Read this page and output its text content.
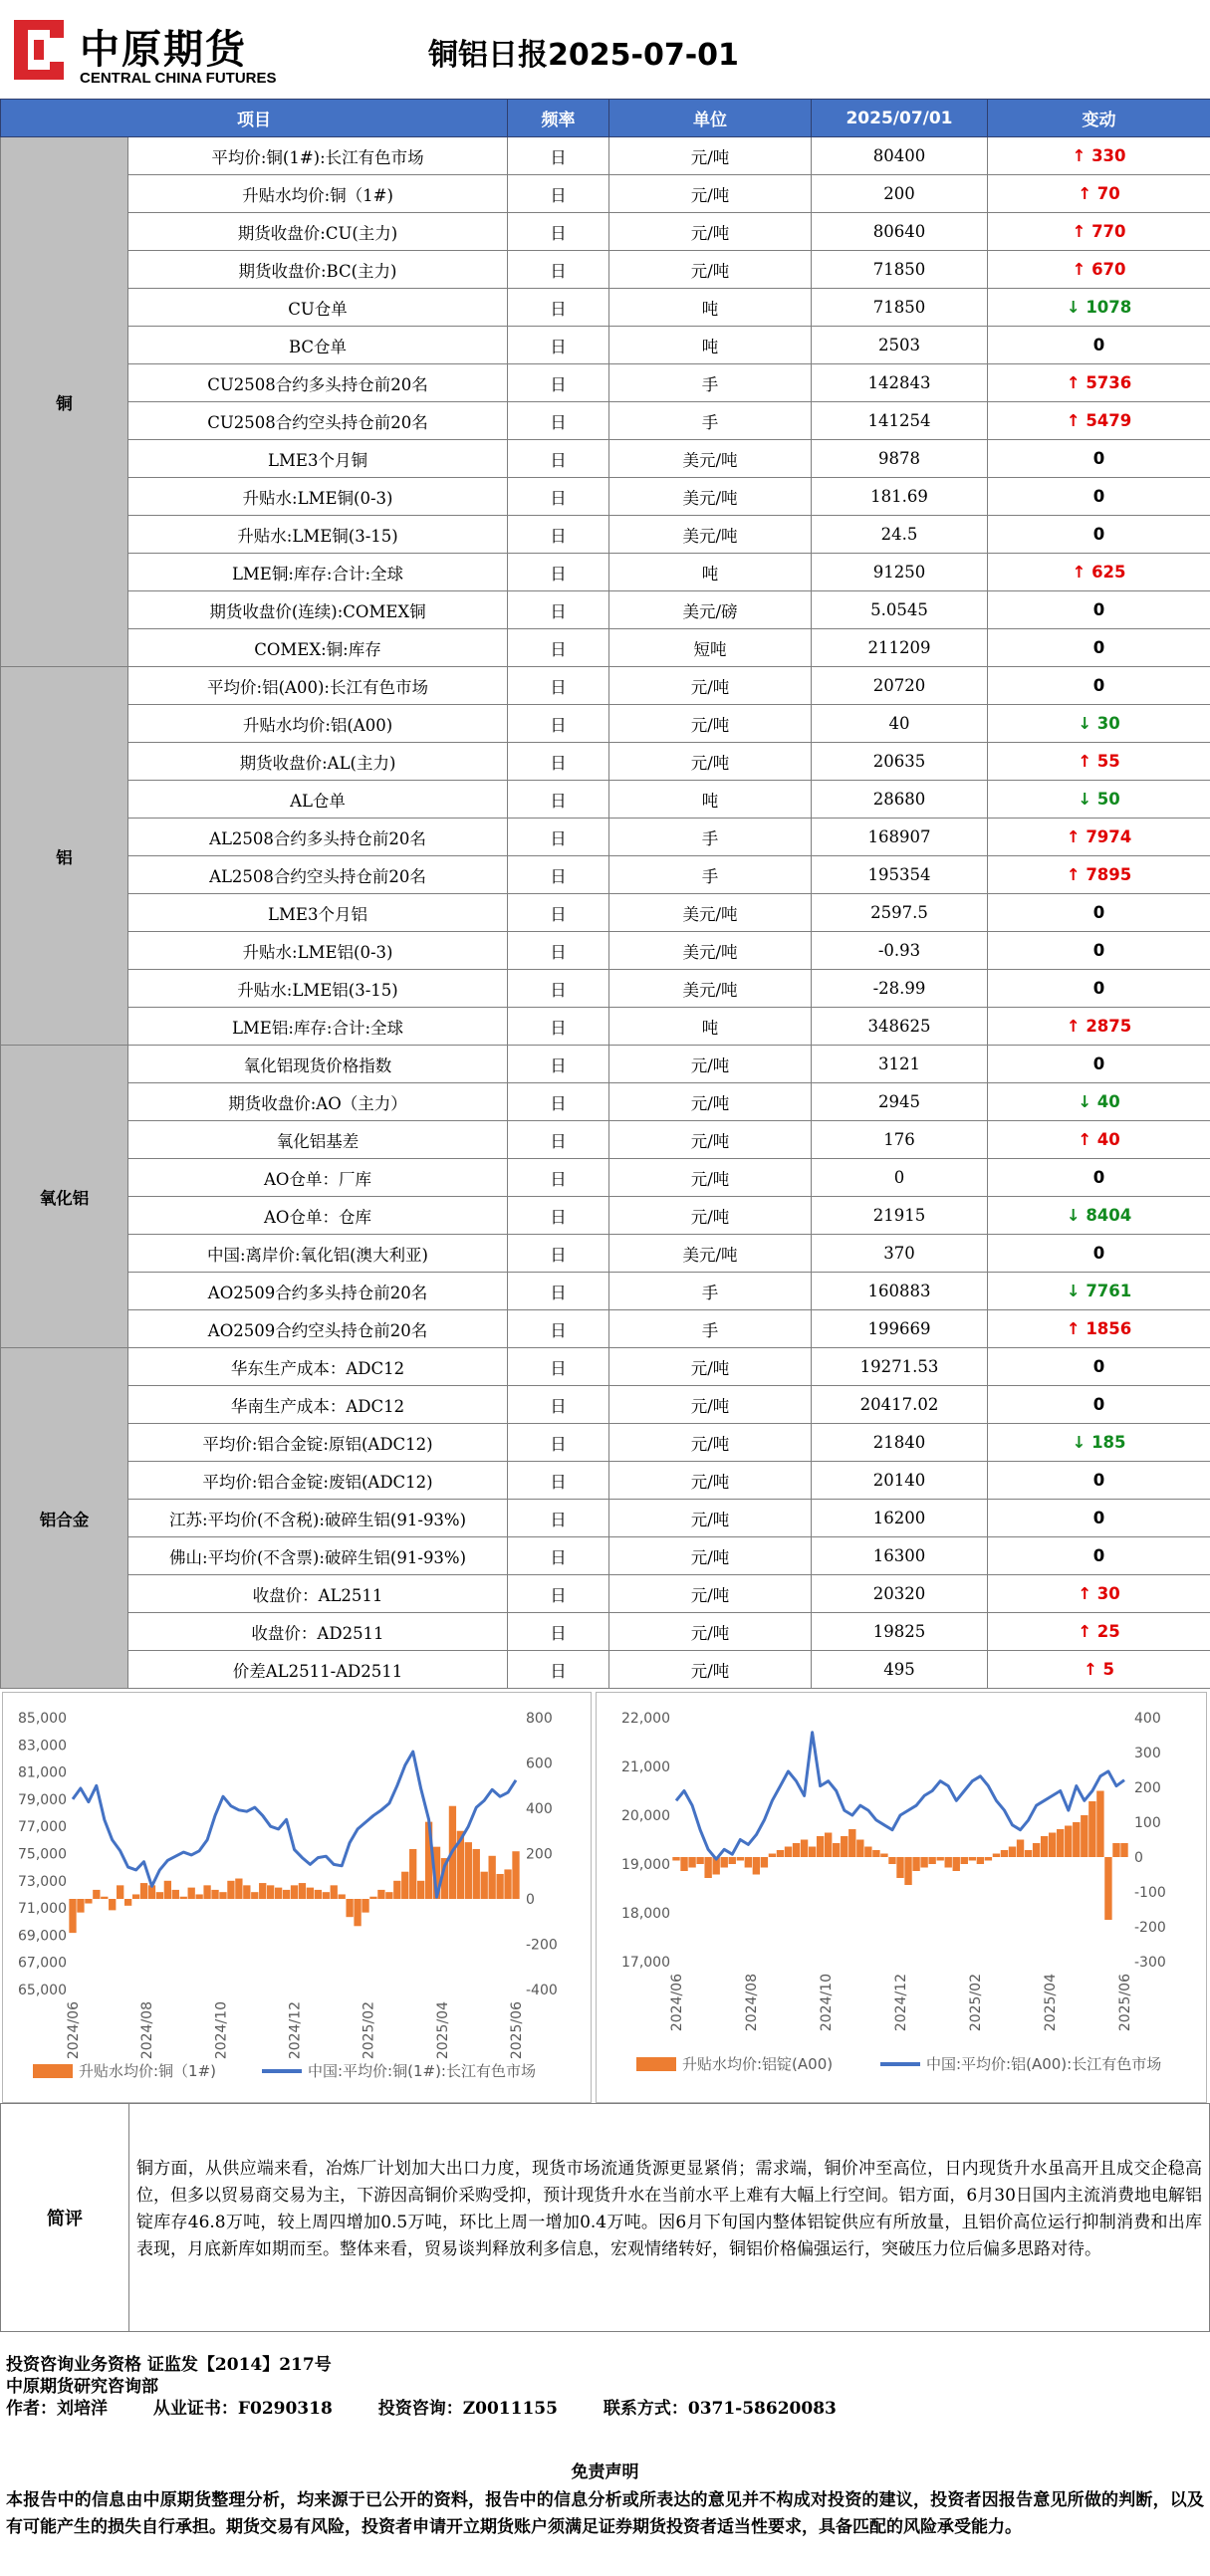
中原期货
CENTRAL CHINA FUTURES
铜铝日报2025-07-01
项目		频率	单位	2025/07/01	变动
铜	平均价:铜(1#):长江有色市场	日	元/吨	80400	↑ 330
	升贴水均价:铜（1#)	日	元/吨	200	↑ 70
	期货收盘价:CU(主力)	日	元/吨	80640	↑ 770
	期货收盘价:BC(主力)	日	元/吨	71850	↑ 670
	CU仓单	日	吨	71850	↓ 1078
	BC仓单	日	吨	2503	0
	CU2508合约多头持仓前20名	日	手	142843	↑ 5736
	CU2508合约空头持仓前20名	日	手	141254	↑ 5479
	LME3个月铜	日	美元/吨	9878	0
	升贴水:LME铜(0-3)	日	美元/吨	181.69	0
	升贴水:LME铜(3-15)	日	美元/吨	24.5	0
	LME铜:库存:合计:全球	日	吨	91250	↑ 625
	期货收盘价(连续):COMEX铜	日	美元/磅	5.0545	0
	COMEX:铜:库存	日	短吨	211209	0
铝	平均价:铝(A00):长江有色市场	日	元/吨	20720	0
	升贴水均价:铝(A00)	日	元/吨	40	↓ 30
	期货收盘价:AL(主力)	日	元/吨	20635	↑ 55
	AL仓单	日	吨	28680	↓ 50
	AL2508合约多头持仓前20名	日	手	168907	↑ 7974
	AL2508合约空头持仓前20名	日	手	195354	↑ 7895
	LME3个月铝	日	美元/吨	2597.5	0
	升贴水:LME铝(0-3)	日	美元/吨	-0.93	0
	升贴水:LME铝(3-15)	日	美元/吨	-28.99	0
	LME铝:库存:合计:全球	日	吨	348625	↑ 2875
氧化铝	氧化铝现货价格指数	日	元/吨	3121	0
	期货收盘价:AO（主力）	日	元/吨	2945	↓ 40
	氧化铝基差	日	元/吨	176	↑ 40
	AO仓单：厂库	日	元/吨	0	0
	AO仓单：仓库	日	元/吨	21915	↓ 8404
	中国:离岸价:氧化铝(澳大利亚)	日	美元/吨	370	0
	AO2509合约多头持仓前20名	日	手	160883	↓ 7761
	AO2509合约空头持仓前20名	日	手	199669	↑ 1856
铝合金	华东生产成本：ADC12	日	元/吨	19271.53	0
	华南生产成本：ADC12	日	元/吨	20417.02	0
	平均价:铝合金锭:原铝(ADC12)	日	元/吨	21840	↓ 185
	平均价:铝合金锭:废铝(ADC12)	日	元/吨	20140	0
	江苏:平均价(不含税):破碎生铝(91-93%)	日	元/吨	16200	0
	佛山:平均价(不含票):破碎生铝(91-93%)	日	元/吨	16300	0
	收盘价：AL2511	日	元/吨	20320	↑ 30
	收盘价：AD2511	日	元/吨	19825	↑ 25
	价差AL2511-AD2511	日	元/吨	495	↑ 5
85,000
83,000
81,000
79,000
77,000
75,000
73,000
71,000
69,000
67,000
65,000
800
600
400
200
0
-200
-400
2024/06	2024/08	2024/10	2024/12	2025/02	2025/04	2025/06
升贴水均价:铜（1#)	中国:平均价:铜(1#):长江有色市场
22,000
21,000
20,000
19,000
18,000
17,000
400
300
200
100
0
-100
-200
-300
2024/06	2024/08	2024/10	2024/12	2025/02	2025/04	2025/06
升贴水均价:铝锭(A00)	中国:平均价:铝(A00):长江有色市场
简评
铜方面，从供应端来看，冶炼厂计划加大出口力度，现货市场流通货源更显紧俏；需求端，铜价冲至高位，日内现货升水虽高开且成交企稳高位，但多以贸易商交易为主，下游因高铜价采购受抑，预计现货升水在当前水平上难有大幅上行空间。铝方面，6月30日国内主流消费地电解铝锭库存46.8万吨，较上周四增加0.5万吨，环比上周一增加0.4万吨。因6月下旬国内整体铝锭供应有所放量，且铝价高位运行抑制消费和出库表现，月底新库如期而至。整体来看，贸易谈判释放利多信息，宏观情绪转好，铜铝价格偏强运行，突破压力位后偏多思路对待。
投资咨询业务资格 证监发【2014】217号
中原期货研究咨询部
作者：刘培洋	从业证书：F0290318	投资咨询：Z0011155	联系方式：0371-58620083
免责声明
本报告中的信息由中原期货整理分析，均来源于已公开的资料，报告中的信息分析或所表达的意见并不构成对投资的建议，投资者因报告意见所做的判断，以及有可能产生的损失自行承担。期货交易有风险，投资者申请开立期货账户须满足证券期货投资者适当性要求，具备匹配的风险承受能力。
